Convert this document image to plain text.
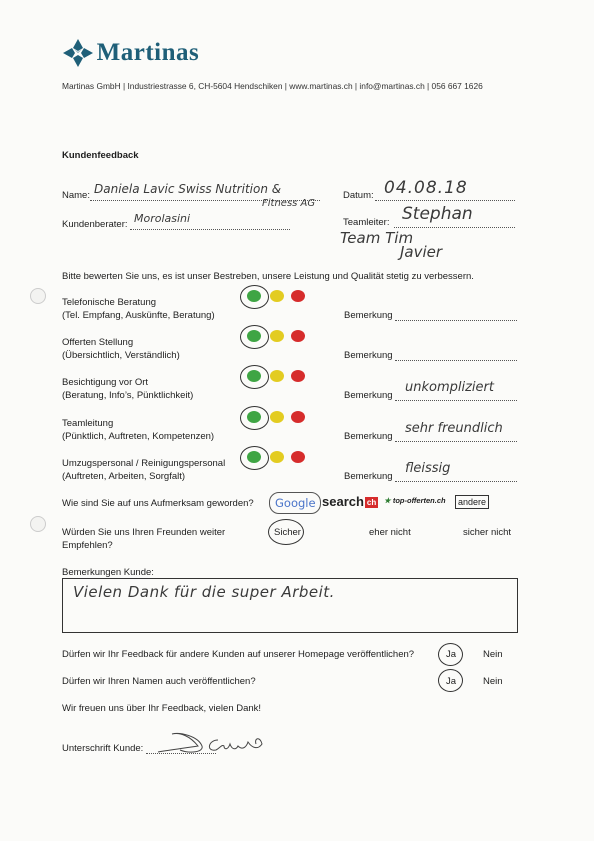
Martinas
Martinas GmbH | Industriestrasse 6, CH-5604 Hendschiken | www.martinas.ch | info@martinas.ch | 056 667 1626
Kundenfeedback
Name: Daniela Lavic Swiss Nutrition &
Fitness AG
Datum: 04.08.18
Kundenberater: Morolasini	Teamleiter: Stephan
Team Tim
Javier
Bitte bewerten Sie uns, es ist unser Bestreben, unsere Leistung und Qualität stetig zu verbessern.
Telefonische Beratung
(Tel. Empfang, Auskünfte, Beratung)	Bemerkung
Offerten Stellung
(Übersichtlich, Verständlich)	Bemerkung
Besichtigung vor Ort
(Beratung, Info’s, Pünktlichkeit)	Bemerkung
unkompliziert
Teamleitung
(Pünktlich, Auftreten, Kompetenzen)	Bemerkung
sehr freundlich
Umzugspersonal / Reinigungspersonal
(Auftreten, Arbeiten, Sorgfalt)	Bemerkung
fleissig
Wie sind Sie auf uns Aufmerksam geworden? Google search ch ★ top-offerten.ch	andere
Würden Sie uns Ihren Freunden weiter
Empfehlen?
Sicher	eher nicht	sicher nicht
Bemerkungen Kunde:
Vielen Dank für die super Arbeit.
Dürfen wir Ihr Feedback für andere Kunden auf unserer Homepage veröffentlichen?	Ja	Nein
Dürfen wir Ihren Namen auch veröffentlichen?	Ja	Nein
Wir freuen uns über Ihr Feedback, vielen Dank!
Unterschrift Kunde:
